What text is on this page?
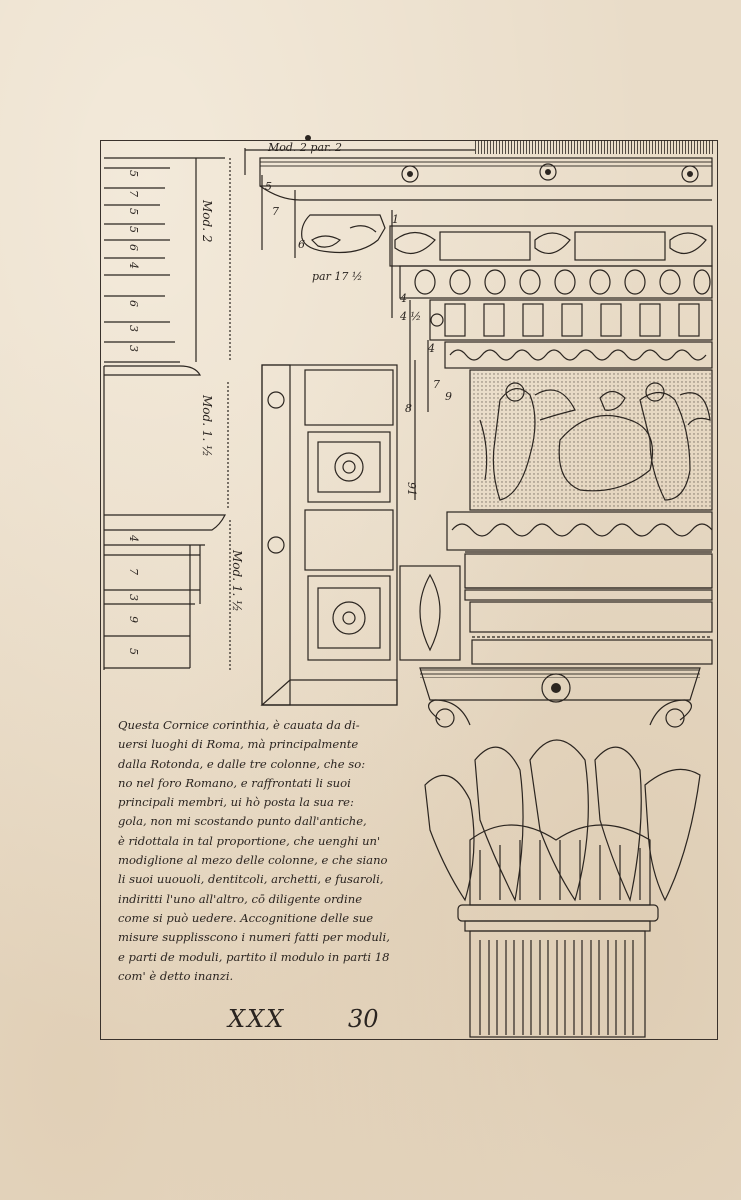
Mod. 2 par. 2
Mod. 2
Mod. 1. ½
Mod. 1. ½
par 17 ½
5
7
5
5
6
4
6
3
3
4
7
3
9
5
5
7
1
6
4
4 ½
4
7
8
9
91
Questa Cornice corinthia, è cauata da di-
uersi luoghi di Roma, mà principalmente
dalla Rotonda, e dalle tre colonne, che so:
no nel foro Romano, e raffrontati li suoi
principali membri, ui hò posta la sua re:
gola, non mi scostando punto dall'antiche,
è ridottala in tal proportione, che uenghi un'
modiglione al mezo delle colonne, e che siano
li suoi uuouoli, dentitcoli, archetti, e fusaroli,
indiritti l'uno all'altro, cō diligente ordine
come si può uedere. Accognitione delle sue
misure supplisscono i numeri fatti per moduli,
e parti de moduli, partito il modulo in parti 18
com' è detto inanzi.
XXX	30
